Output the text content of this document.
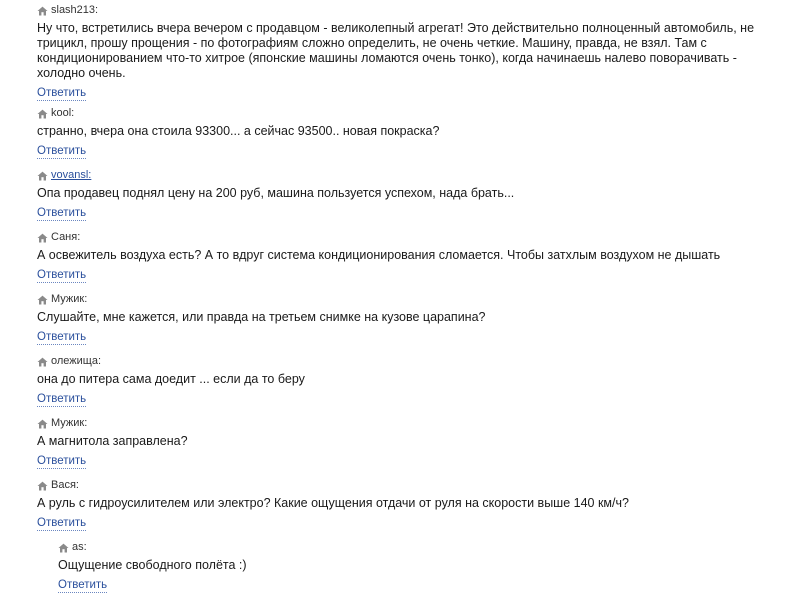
slash213:
Ну что, встретились вчера вечером с продавцом - великолепный агрегат! Это действительно полноценный автомобиль, не трицикл, прошу прощения - по фотографиям сложно определить, не очень четкие. Машину, правда, не взял. Там с кондиционированием что-то хитрое (японские машины ломаются очень тонко), когда начинаешь налево поворачивать - холодно очень.
Ответить
kool:
странно, вчера она стоила 93300... а сейчас 93500.. новая покраска?
Ответить
vovansl:
Опа продавец поднял цену на 200 руб, машина пользуется успехом, нада брать...
Ответить
Саня:
А освежитель воздуха есть? А то вдруг система кондиционирования сломается. Чтобы затхлым воздухом не дышать
Ответить
Мужик:
Слушайте, мне кажется, или правда на третьем снимке на кузове царапина?
Ответить
олежища:
она до питера сама доедит ... если да то беру
Ответить
Мужик:
А магнитола заправлена?
Ответить
Вася:
А руль с гидроусилителем или электро? Какие ощущения отдачи от руля на скорости выше 140 км/ч?
Ответить
as:
Ощущение свободного полёта :)
Ответить
